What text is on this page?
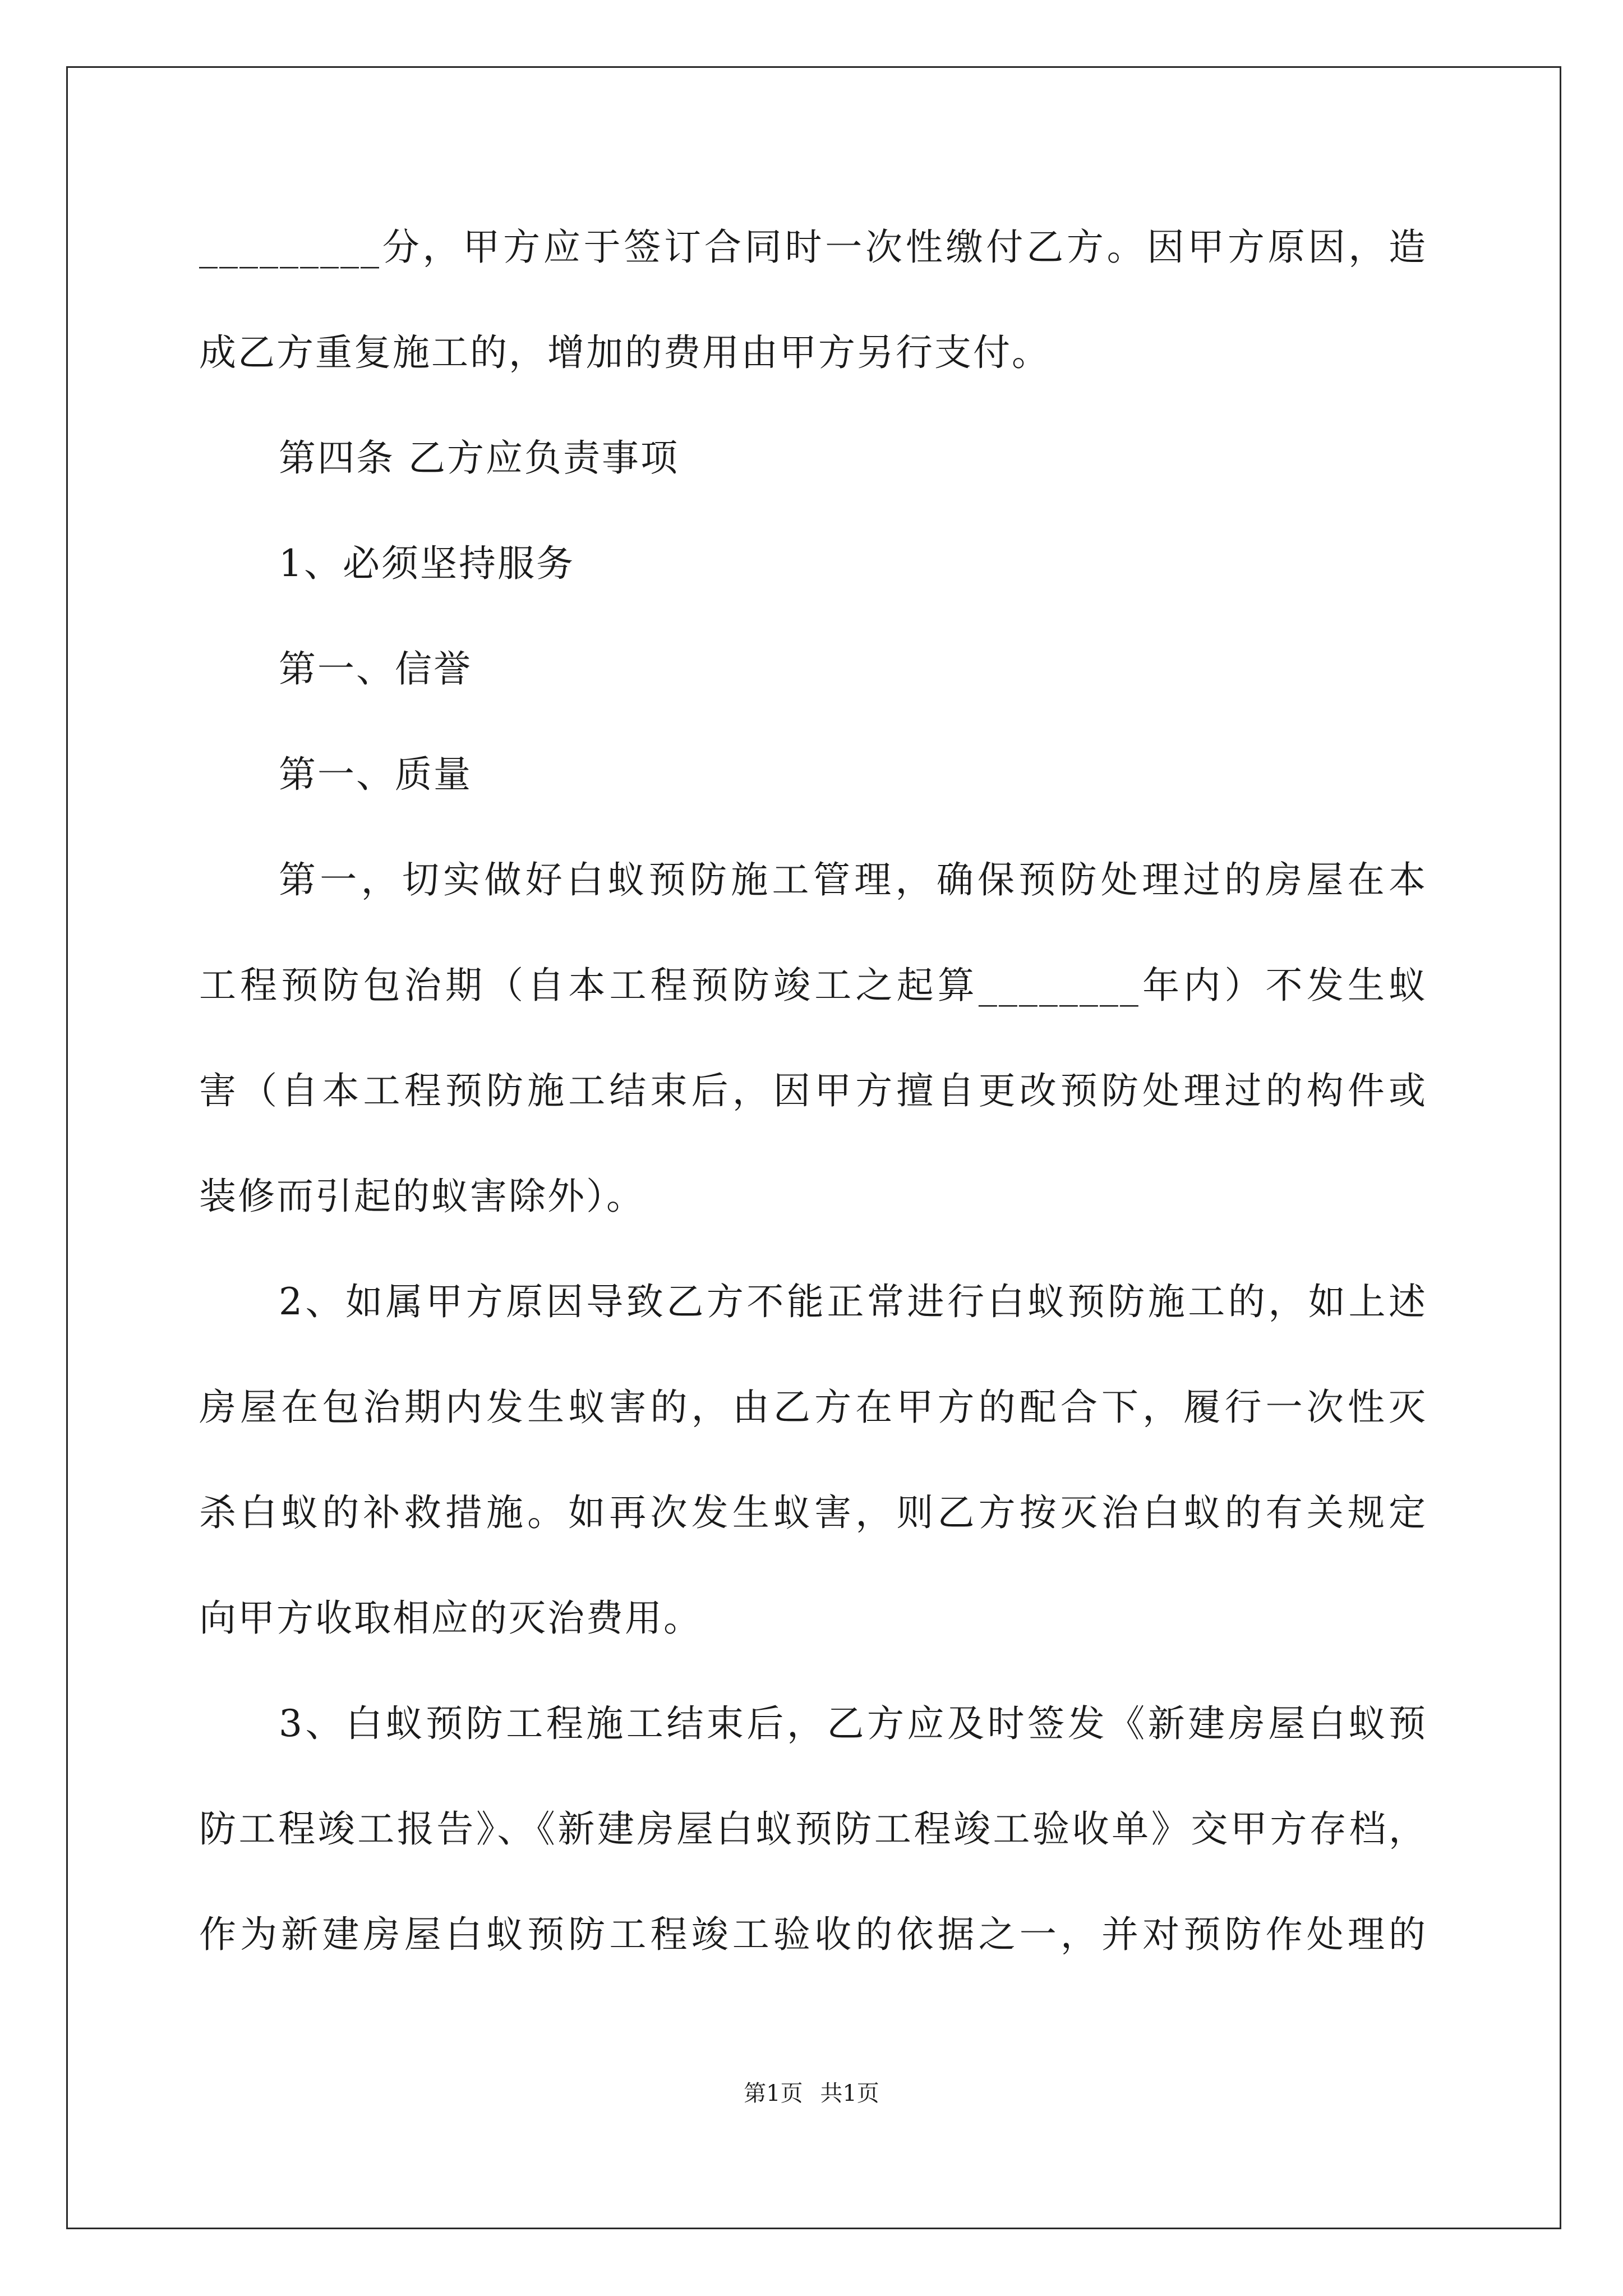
_________分，甲方应于签订合同时一次性缴付乙方。因甲方原因，造
成乙方重复施工的，增加的费用由甲方另行支付。
第四条 乙方应负责事项
1、必须坚持服务
第一、信誉
第一、质量
第一，切实做好白蚁预防施工管理，确保预防处理过的房屋在本
工程预防包治期（自本工程预防竣工之起算________年内）不发生蚁
害（自本工程预防施工结束后，因甲方擅自更改预防处理过的构件或
装修而引起的蚁害除外）。
2、如属甲方原因导致乙方不能正常进行白蚁预防施工的，如上述
房屋在包治期内发生蚁害的，由乙方在甲方的配合下，履行一次性灭
杀白蚁的补救措施。如再次发生蚁害，则乙方按灭治白蚁的有关规定
向甲方收取相应的灭治费用。
3、白蚁预防工程施工结束后，乙方应及时签发《新建房屋白蚁预
防工程竣工报告》、《新建房屋白蚁预防工程竣工验收单》交甲方存档，
作为新建房屋白蚁预防工程竣工验收的依据之一，并对预防作处理的
第1页 共1页
